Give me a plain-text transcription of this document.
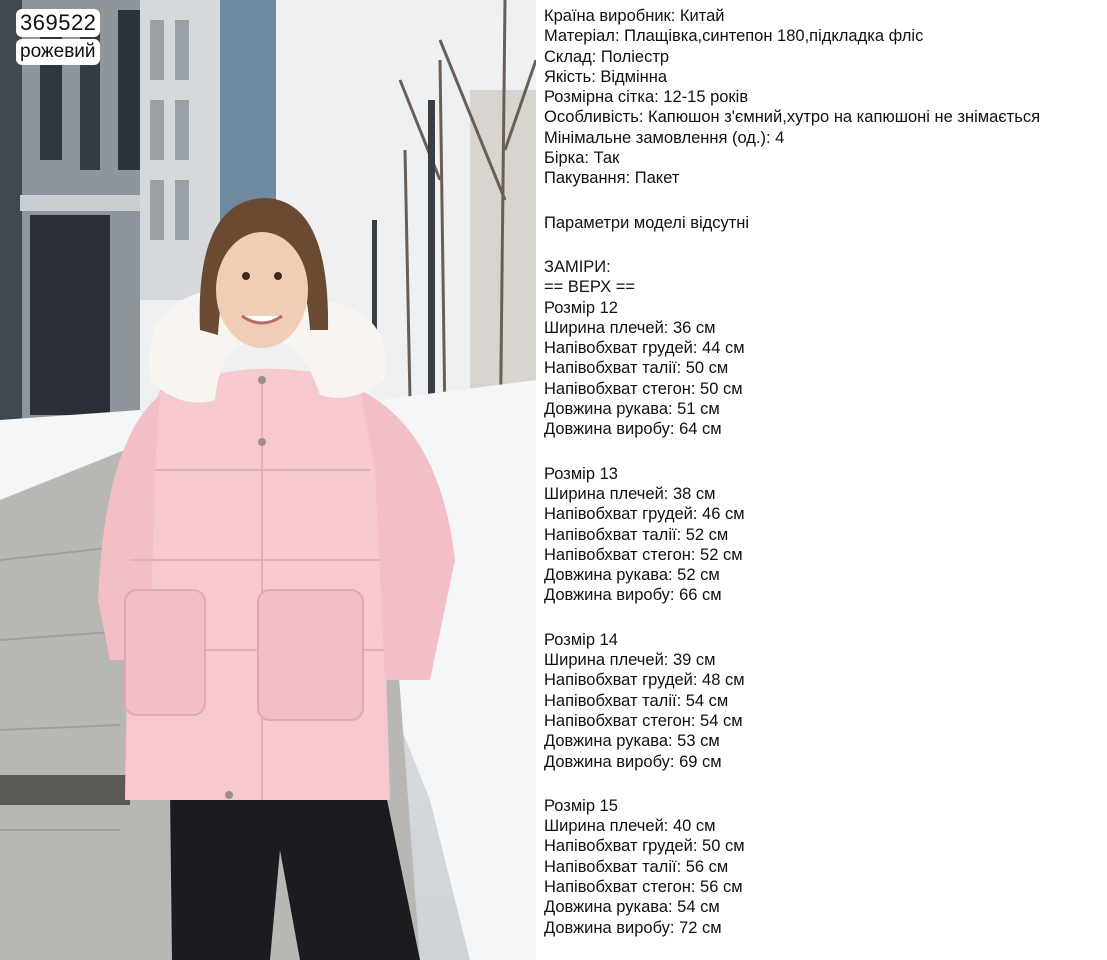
369522
рожевий
Країна виробник: Китай
Матеріал: Плащівка,синтепон 180,підкладка фліс
Склад: Поліестр
Якість: Відмінна
Розмірна сітка: 12-15 років
Особливість: Капюшон з'ємний,хутро на капюшоні не знімається
Мінімальне замовлення (од.): 4
Бірка: Так
Пакування: Пакет
Параметри моделі відсутні
ЗАМІРИ:
== ВЕРХ ==
Розмір 12
Ширина плечей: 36 см
Напівобхват грудей: 44 см
Напівобхват талії: 50 см
Напівобхват стегон: 50 см
Довжина рукава: 51 см
Довжина виробу: 64 см
Розмір 13
Ширина плечей: 38 см
Напівобхват грудей: 46 см
Напівобхват талії: 52 см
Напівобхват стегон: 52 см
Довжина рукава: 52 см
Довжина виробу: 66 см
Розмір 14
Ширина плечей: 39 см
Напівобхват грудей: 48 см
Напівобхват талії: 54 см
Напівобхват стегон: 54 см
Довжина рукава: 53 см
Довжина виробу: 69 см
Розмір 15
Ширина плечей: 40 см
Напівобхват грудей: 50 см
Напівобхват талії: 56 см
Напівобхват стегон: 56 см
Довжина рукава: 54 см
Довжина виробу: 72 см
